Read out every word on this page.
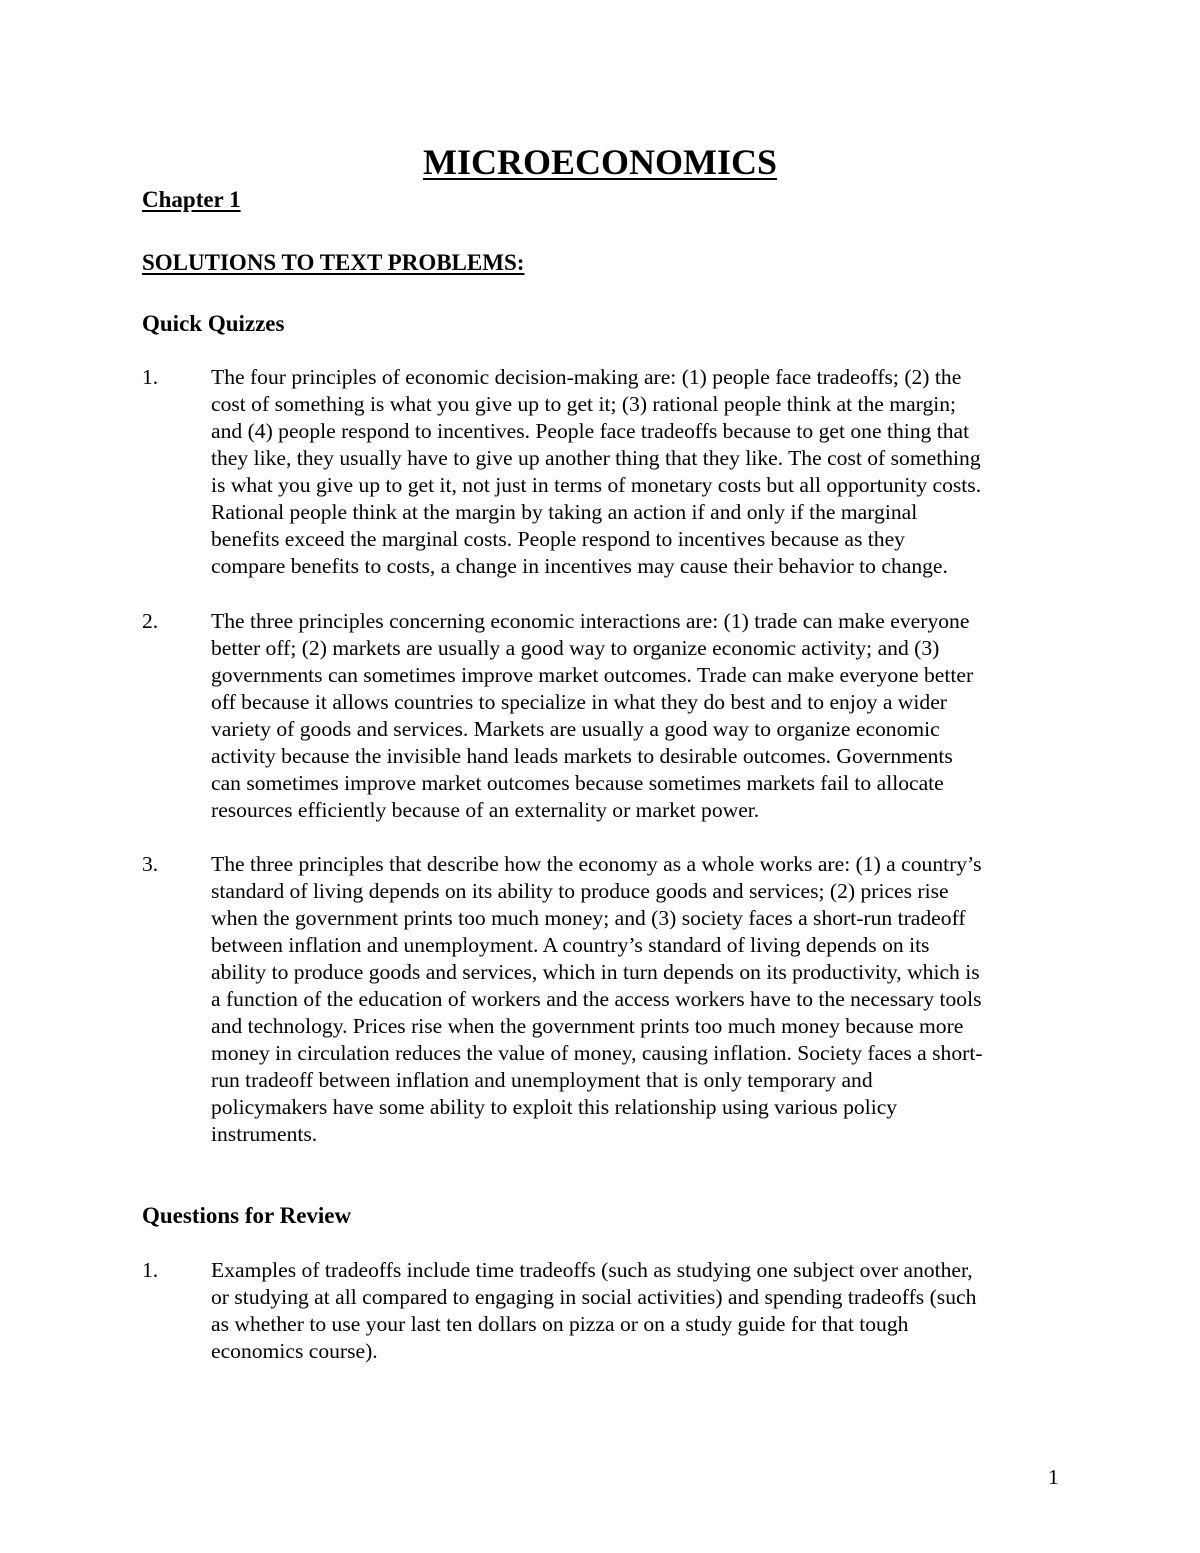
MICROECONOMICS
Chapter 1
SOLUTIONS TO TEXT PROBLEMS:
Quick Quizzes
1. The four principles of economic decision-making are: (1) people face tradeoffs; (2) the
cost of something is what you give up to get it; (3) rational people think at the margin;
and (4) people respond to incentives. People face tradeoffs because to get one thing that
they like, they usually have to give up another thing that they like. The cost of something
is what you give up to get it, not just in terms of monetary costs but all opportunity costs.
Rational people think at the margin by taking an action if and only if the marginal
benefits exceed the marginal costs. People respond to incentives because as they
compare benefits to costs, a change in incentives may cause their behavior to change.
2. The three principles concerning economic interactions are: (1) trade can make everyone
better off; (2) markets are usually a good way to organize economic activity; and (3)
governments can sometimes improve market outcomes. Trade can make everyone better
off because it allows countries to specialize in what they do best and to enjoy a wider
variety of goods and services. Markets are usually a good way to organize economic
activity because the invisible hand leads markets to desirable outcomes. Governments
can sometimes improve market outcomes because sometimes markets fail to allocate
resources efficiently because of an externality or market power.
3. The three principles that describe how the economy as a whole works are: (1) a country’s
standard of living depends on its ability to produce goods and services; (2) prices rise
when the government prints too much money; and (3) society faces a short-run tradeoff
between inflation and unemployment. A country’s standard of living depends on its
ability to produce goods and services, which in turn depends on its productivity, which is
a function of the education of workers and the access workers have to the necessary tools
and technology. Prices rise when the government prints too much money because more
money in circulation reduces the value of money, causing inflation. Society faces a short-
run tradeoff between inflation and unemployment that is only temporary and
policymakers have some ability to exploit this relationship using various policy
instruments.
Questions for Review
1. Examples of tradeoffs include time tradeoffs (such as studying one subject over another,
or studying at all compared to engaging in social activities) and spending tradeoffs (such
as whether to use your last ten dollars on pizza or on a study guide for that tough
economics course).
1
